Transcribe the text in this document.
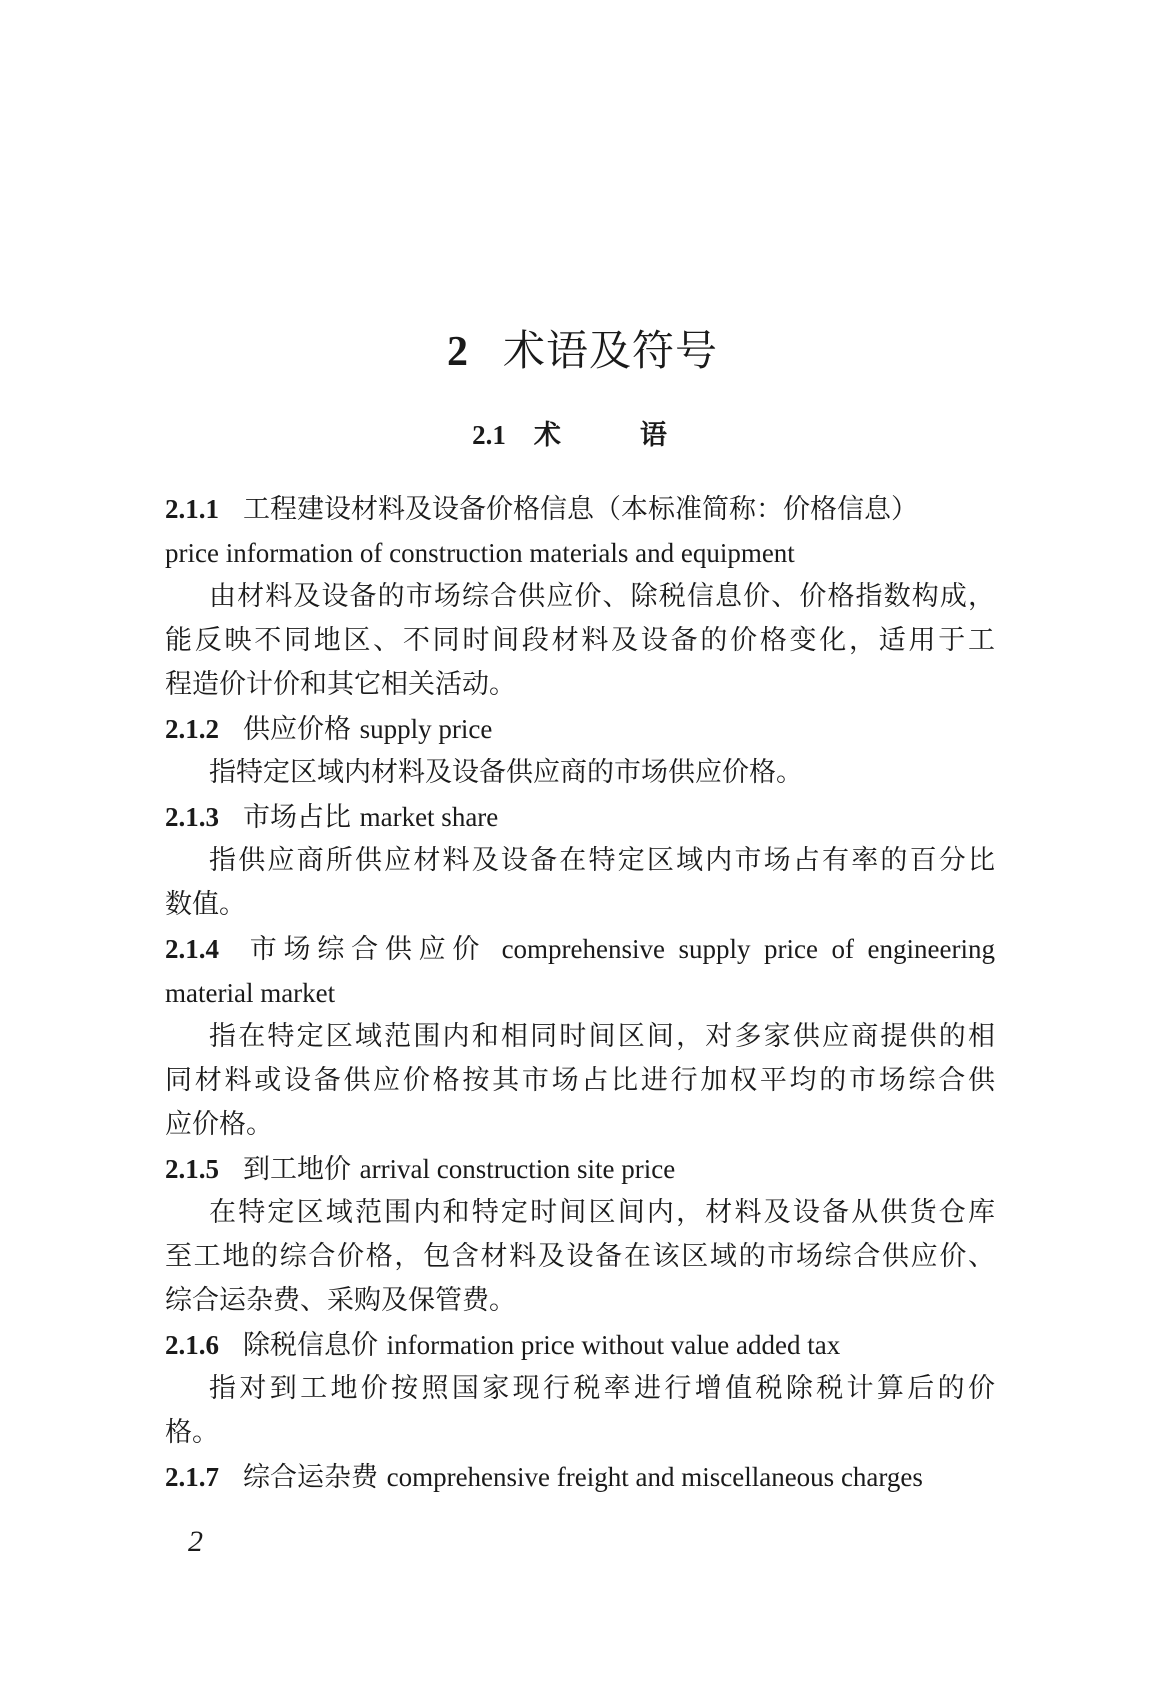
2 术语及符号
2.1 术　语
2.1.1 工程建设材料及设备价格信息（本标准简称：价格信息）
price information of construction materials and equipment
由材料及设备的市场综合供应价、除税信息价、价格指数构成，
能反映不同地区、不同时间段材料及设备的价格变化，适用于工
程造价计价和其它相关活动。
2.1.2 供应价格 supply price
指特定区域内材料及设备供应商的市场供应价格。
2.1.3 市场占比 market share
指供应商所供应材料及设备在特定区域内市场占有率的百分比
数值。
2.1.4 市场综合供应价 comprehensive supply price of engineering
material market
指在特定区域范围内和相同时间区间，对多家供应商提供的相
同材料或设备供应价格按其市场占比进行加权平均的市场综合供
应价格。
2.1.5 到工地价 arrival construction site price
在特定区域范围内和特定时间区间内，材料及设备从供货仓库
至工地的综合价格，包含材料及设备在该区域的市场综合供应价、
综合运杂费、采购及保管费。
2.1.6 除税信息价 information price without value added tax
指对到工地价按照国家现行税率进行增值税除税计算后的价
格。
2.1.7 综合运杂费 comprehensive freight and miscellaneous charges
2
